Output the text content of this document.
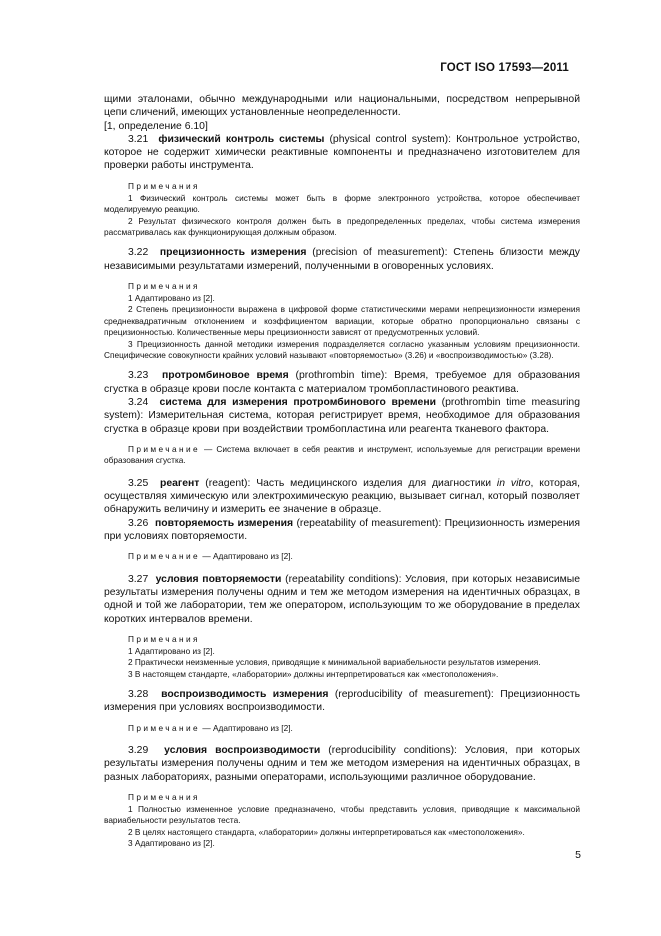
ГОСТ ISO 17593—2011

щими эталонами, обычно международными или национальными, посредством непрерывной цепи сличений, имеющих установленные неопределенности.

[1, определение 6.10]

3.21 физический контроль системы (physical control system): Контрольное устройство, которое не содержит химически реактивные компоненты и предназначено изготовителем для проверки работы инструмента.

Примечания

1 Физический контроль системы может быть в форме электронного устройства, которое обеспечивает моделируемую реакцию.

2 Результат физического контроля должен быть в предопределенных пределах, чтобы система измерения рассматривалась как функционирующая должным образом.

3.22 прецизионность измерения (precision of measurement): Степень близости между независимыми результатами измерений, полученными в оговоренных условиях.

Примечания

1 Адаптировано из [2].

2 Степень прецизионности выражена в цифровой форме статистическими мерами непрецизионности измерения среднеквадратичным отклонением и коэффициентом вариации, которые обратно пропорционально связаны с прецизионностью. Количественные меры прецизионности зависят от предусмотренных условий.

3 Прецизионность данной методики измерения подразделяется согласно указанным условиям прецизионности. Специфические совокупности крайних условий называют «повторяемостью» (3.26) и «воспроизводимостью» (3.28).

3.23 протромбиновое время (prothrombin time): Время, требуемое для образования сгустка в образце крови после контакта с материалом тромбопластинового реактива.

3.24 система для измерения протромбинового времени (prothrombin time measuring system): Измерительная система, которая регистрирует время, необходимое для образования сгустка в образце крови при воздействии тромбопластина или реагента тканевого фактора.

Примечание — Система включает в себя реактив и инструмент, используемые для регистрации времени образования сгустка.

3.25 реагент (reagent): Часть медицинского изделия для диагностики in vitro, которая, осуществляя химическую или электрохимическую реакцию, вызывает сигнал, который позволяет обнаружить величину и измерить ее значение в образце.

3.26 повторяемость измерения (repeatability of measurement): Прецизионность измерения при условиях повторяемости.

Примечание — Адаптировано из [2].

3.27 условия повторяемости (repeatability conditions): Условия, при которых независимые результаты измерения получены одним и тем же методом измерения на идентичных образцах, в одной и той же лаборатории, тем же оператором, использующим то же оборудование в пределах коротких интервалов времени.

Примечания

1 Адаптировано из [2].

2 Практически неизменные условия, приводящие к минимальной вариабельности результатов измерения.

3 В настоящем стандарте, «лаборатории» должны интерпретироваться как «местоположения».

3.28 воспроизводимость измерения (reproducibility of measurement): Прецизионность измерения при условиях воспроизводимости.

Примечание — Адаптировано из [2].

3.29 условия воспроизводимости (reproducibility conditions): Условия, при которых результаты измерения получены одним и тем же методом измерения на идентичных образцах, в разных лабораториях, разными операторами, использующими различное оборудование.

Примечания

1 Полностью измененное условие предназначено, чтобы представить условия, приводящие к максимальной вариабельности результатов теста.

2 В целях настоящего стандарта, «лаборатории» должны интерпретироваться как «местоположения».

3 Адаптировано из [2].

5
